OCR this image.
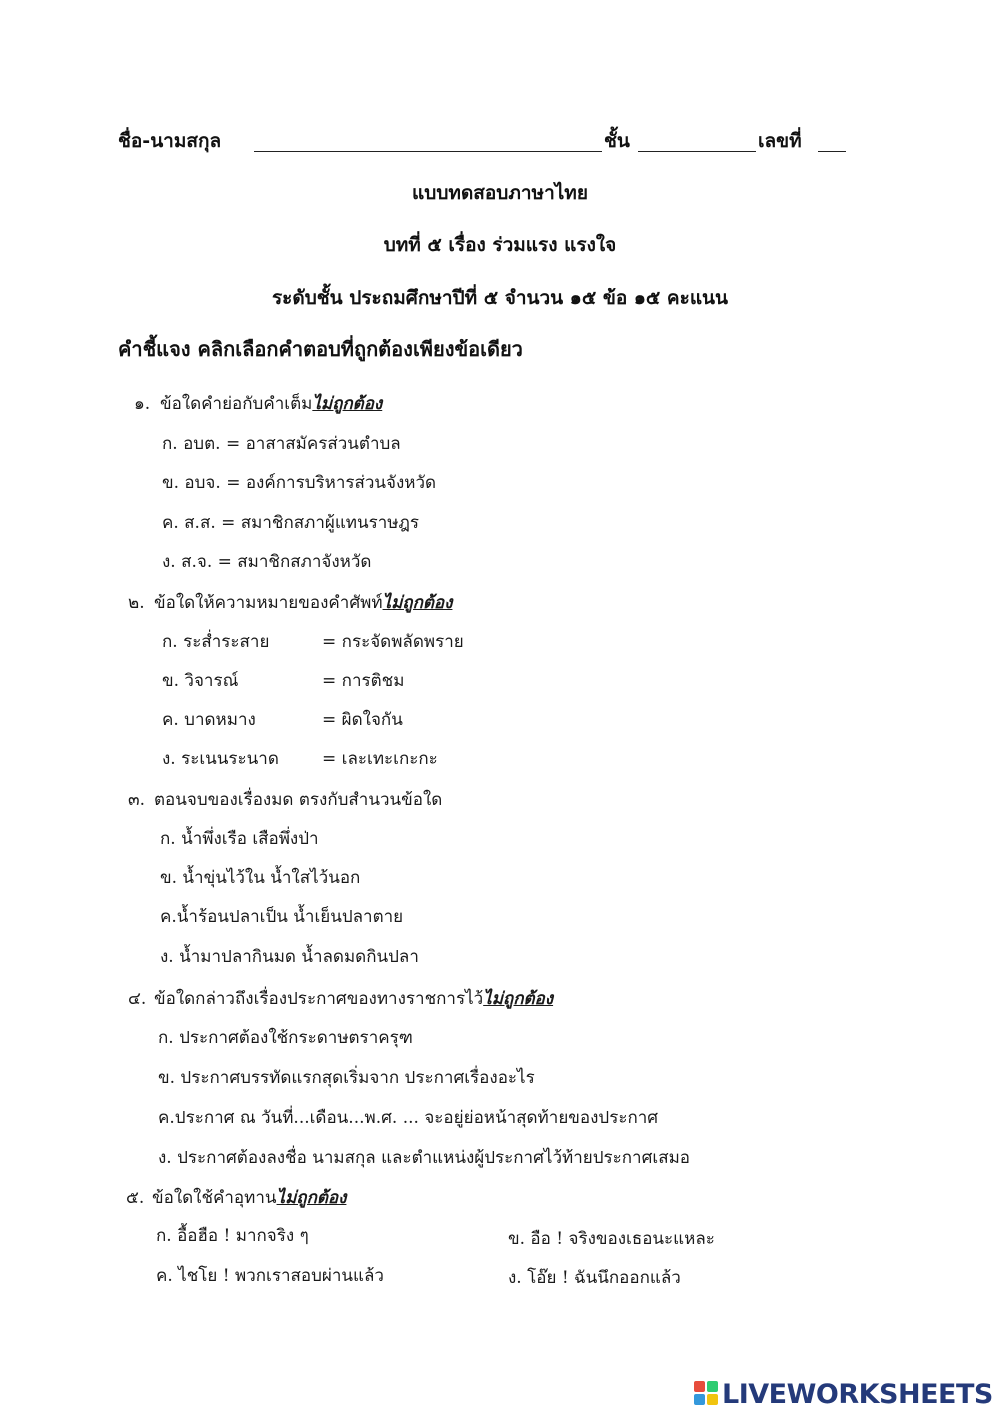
ชื่อ-นามสกุล	ชั้น	เลขที่
แบบทดสอบภาษาไทย
บทที่ ๕ เรื่อง ร่วมแรง แรงใจ
ระดับชั้น ประถมศึกษาปีที่ ๕ จำนวน ๑๕ ข้อ ๑๕ คะแนน
คำชี้แจง คลิกเลือกคำตอบที่ถูกต้องเพียงข้อเดียว
๑. ข้อใดคำย่อกับคำเต็มไม่ถูกต้อง
ก. อบต. = อาสาสมัครส่วนตำบล
ข. อบจ. = องค์การบริหารส่วนจังหวัด
ค. ส.ส. = สมาชิกสภาผู้แทนราษฎร
ง. ส.จ. = สมาชิกสภาจังหวัด
๒. ข้อใดให้ความหมายของคำศัพท์ไม่ถูกต้อง
ก. ระส่ำระสาย	= กระจัดพลัดพราย
ข. วิจารณ์	= การติชม
ค. บาดหมาง	= ผิดใจกัน
ง. ระเนนระนาด	= เละเทะเกะกะ
๓. ตอนจบของเรื่องมด ตรงกับสำนวนข้อใด
ก. น้ำพึ่งเรือ เสือพึ่งป่า
ข. น้ำขุ่นไว้ใน น้ำใสไว้นอก
ค.น้ำร้อนปลาเป็น น้ำเย็นปลาตาย
ง. น้ำมาปลากินมด น้ำลดมดกินปลา
๔. ข้อใดกล่าวถึงเรื่องประกาศของทางราชการไว้ไม่ถูกต้อง
ก. ประกาศต้องใช้กระดาษตราครุฑ
ข. ประกาศบรรทัดแรกสุดเริ่มจาก ประกาศเรื่องอะไร
ค.ประกาศ ณ วันที่...เดือน...พ.ศ. ... จะอยู่ย่อหน้าสุดท้ายของประกาศ
ง. ประกาศต้องลงชื่อ นามสกุล และตำแหน่งผู้ประกาศไว้ท้ายประกาศเสมอ
๕. ข้อใดใช้คำอุทานไม่ถูกต้อง
ก. อื้อฮือ ! มากจริง ๆ	ข. อือ ! จริงของเธอนะแหละ
ค. ไชโย ! พวกเราสอบผ่านแล้ว	ง. โอ๊ย ! ฉันนึกออกแล้ว
LIVEWORKSHEETS
